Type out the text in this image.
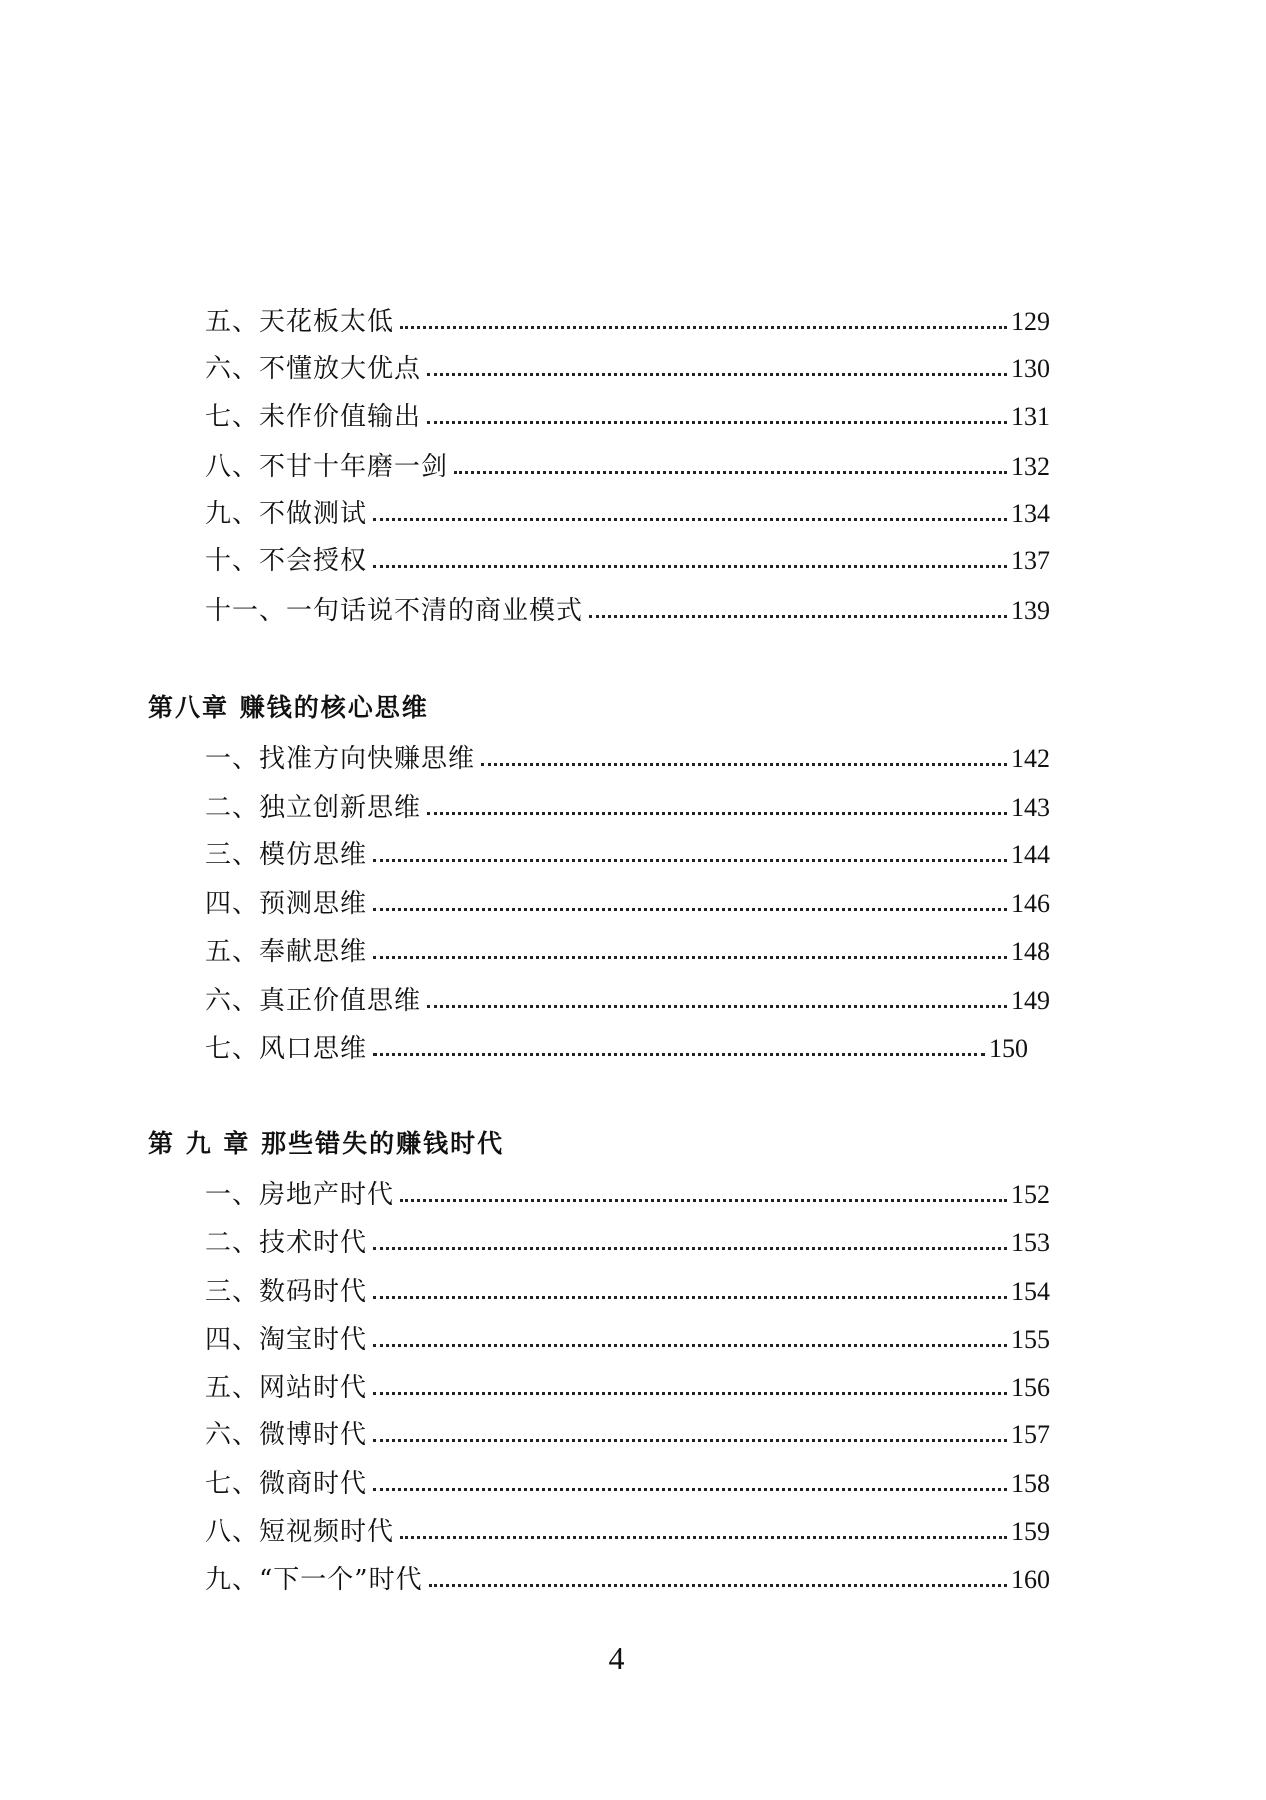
五、天花板太低	129
六、不懂放大优点	130
七、未作价值输出	131
八、不甘十年磨一剑	132
九、不做测试	134
十、不会授权	137
十一、一句话说不清的商业模式	139
第八章 赚钱的核心思维
一、找准方向快赚思维	142
二、独立创新思维	143
三、模仿思维	144
四、预测思维	146
五、奉献思维	148
六、真正价值思维	149
七、风口思维	150
第 九 章 那些错失的赚钱时代
一、房地产时代	152
二、技术时代	153
三、数码时代	154
四、淘宝时代	155
五、网站时代	156
六、微博时代	157
七、微商时代	158
八、短视频时代	159
九、“下一个”时代	160
4
